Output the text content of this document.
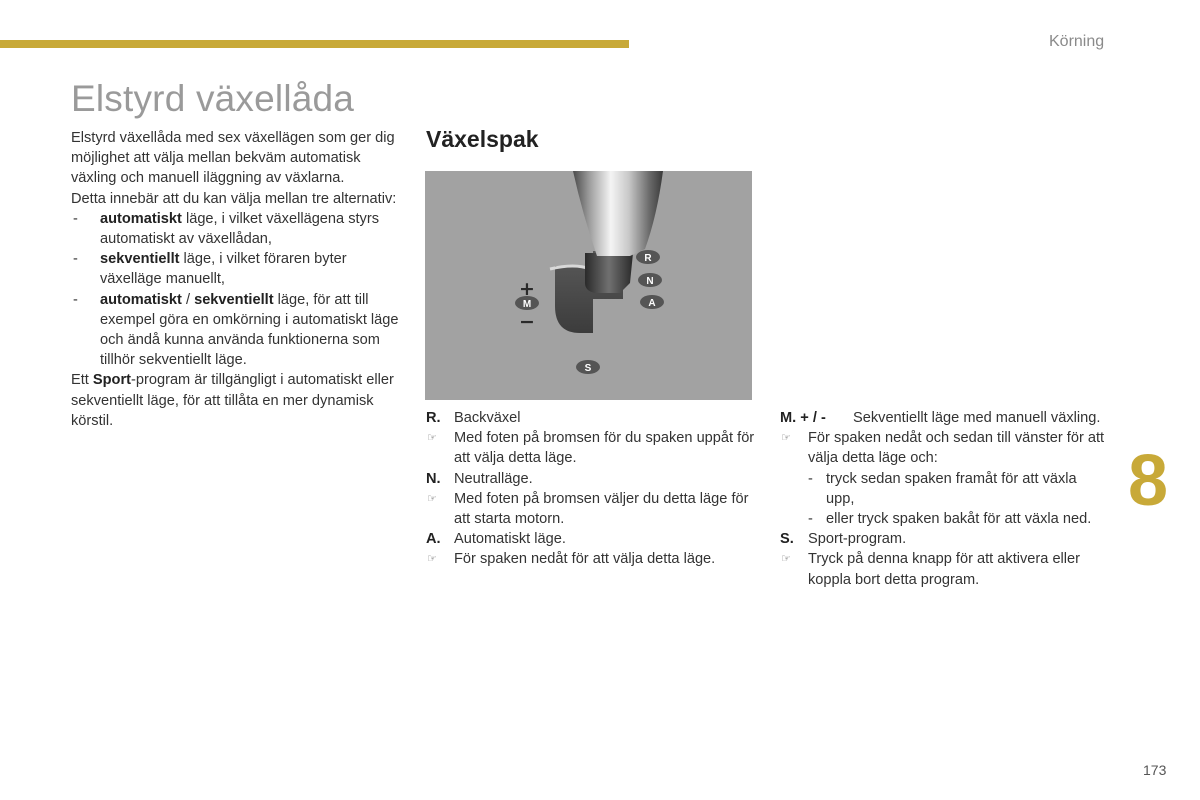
Körning
Elstyrd växellåda

Elstyrd växellåda med sex växellägen som ger dig möjlighet att välja mellan bekväm automatisk växling och manuell iläggning av växlarna.

Detta innebär att du kan välja mellan tre alternativ:

- automatiskt läge, i vilket växellägena styrs automatiskt av växellådan,
- sekventiellt läge, i vilket föraren byter växelläge manuellt,
- automatiskt / sekventiellt läge, för att till exempel göra en omkörning i automatiskt läge och ändå kunna använda funktionerna som tillhör sekventiellt läge.

Ett Sport-program är tillgängligt i automatiskt eller sekventiellt läge, för att tillåta en mer dynamisk körstil.

Växelspak
R
N
A
M
+
−
S
R. Backväxel
☞ Med foten på bromsen för du spaken uppåt för att välja detta läge.
N. Neutralläge.
☞ Med foten på bromsen väljer du detta läge för att starta motorn.
A. Automatiskt läge.
☞ För spaken nedåt för att välja detta läge.
M. + / - Sekventiellt läge med manuell växling.
☞ För spaken nedåt och sedan till vänster för att välja detta läge och:
- tryck sedan spaken framåt för att växla upp,
- eller tryck spaken bakåt för att växla ned.
S. Sport-program.
☞ Tryck på denna knapp för att aktivera eller koppla bort detta program.
8
173
